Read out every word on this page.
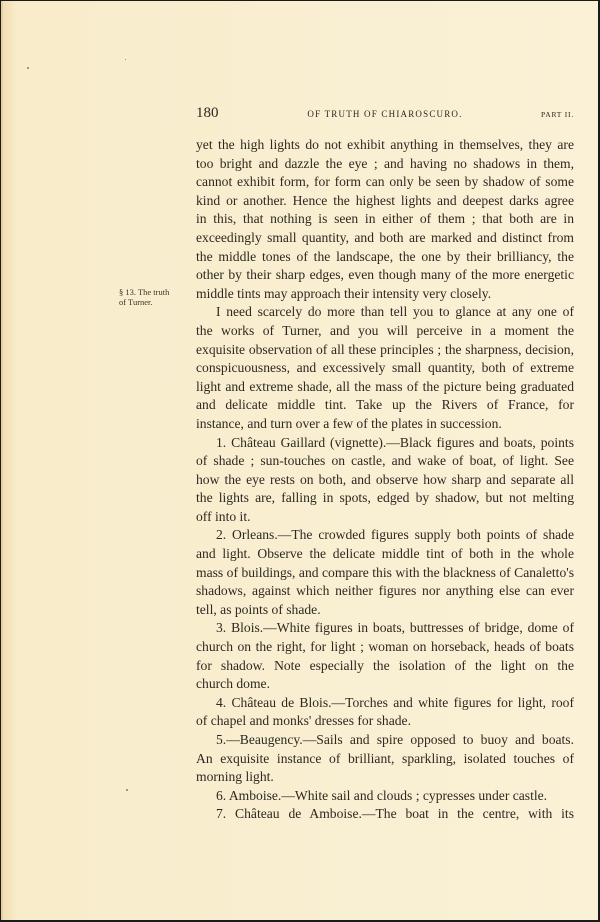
180	OF TRUTH OF CHIAROSCURO.	PART II.
§ 13. The truth
of Turner.
yet the high lights do not exhibit anything in themselves, they are
too bright and dazzle the eye ; and having no shadows in them,
cannot exhibit form, for form can only be seen by shadow of some
kind or another. Hence the highest lights and deepest darks agree
in this, that nothing is seen in either of them ; that both are in
exceedingly small quantity, and both are marked and distinct from
the middle tones of the landscape, the one by their brilliancy, the
other by their sharp edges, even though many of the more energetic
middle tints may approach their intensity very closely.
I need scarcely do more than tell you to glance at any one of
the works of Turner, and you will perceive in a moment the
exquisite observation of all these principles ; the sharpness, decision,
conspicuousness, and excessively small quantity, both of extreme
light and extreme shade, all the mass of the picture being graduated
and delicate middle tint. Take up the Rivers of France, for
instance, and turn over a few of the plates in succession.
1. Château Gaillard (vignette).—Black figures and boats, points
of shade ; sun-touches on castle, and wake of boat, of light. See
how the eye rests on both, and observe how sharp and separate all
the lights are, falling in spots, edged by shadow, but not melting
off into it.
2. Orleans.—The crowded figures supply both points of shade
and light. Observe the delicate middle tint of both in the whole
mass of buildings, and compare this with the blackness of Canaletto's
shadows, against which neither figures nor anything else can ever
tell, as points of shade.
3. Blois.—White figures in boats, buttresses of bridge, dome of
church on the right, for light ; woman on horseback, heads of boats
for shadow. Note especially the isolation of the light on the
church dome.
4. Château de Blois.—Torches and white figures for light, roof
of chapel and monks' dresses for shade.
5.—Beaugency.—Sails and spire opposed to buoy and boats.
An exquisite instance of brilliant, sparkling, isolated touches of
morning light.
6. Amboise.—White sail and clouds ; cypresses under castle.
7. Château de Amboise.—The boat in the centre, with its
